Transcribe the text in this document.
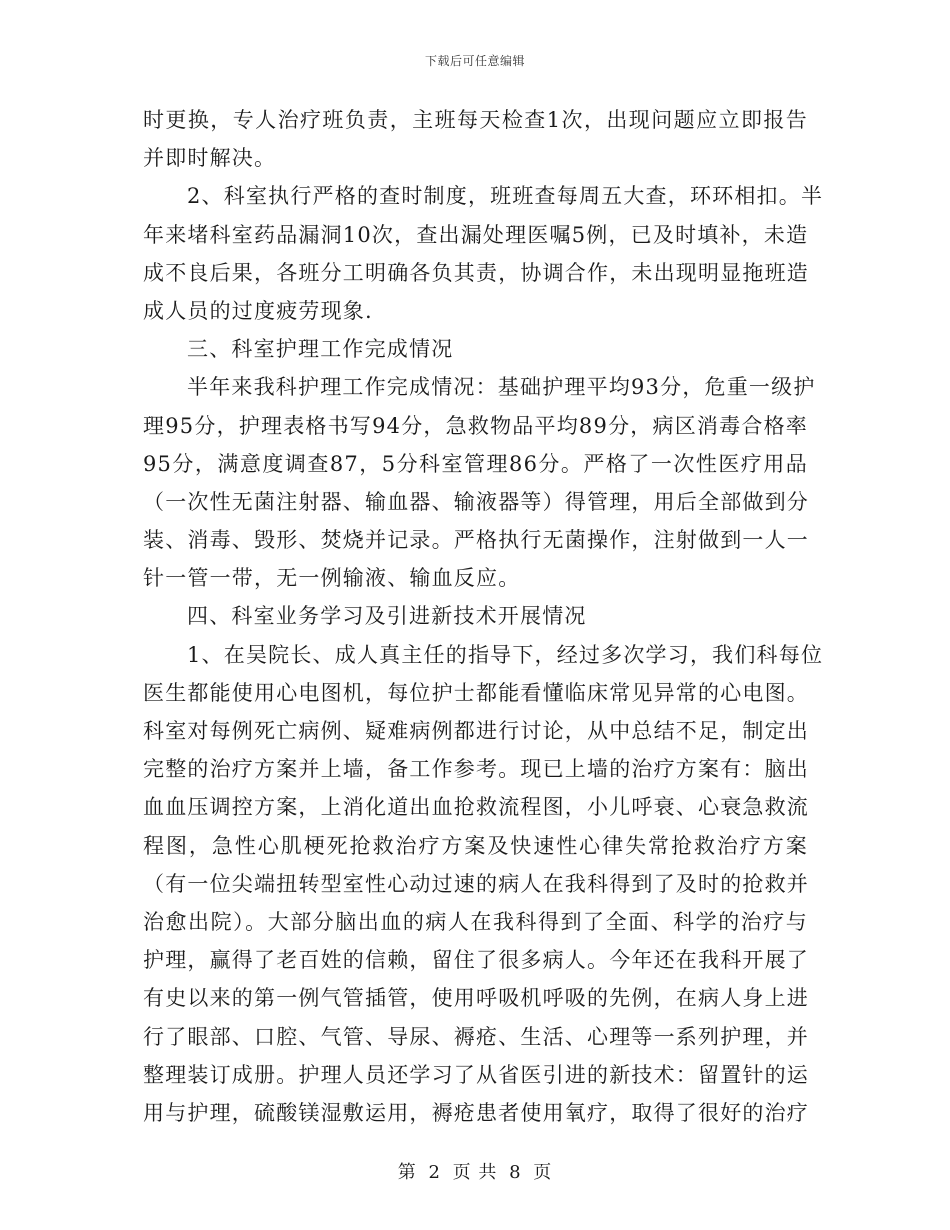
下载后可任意编辑
时更换，专人治疗班负责，主班每天检查1次，出现问题应立即报告
并即时解决。
2、科室执行严格的查时制度，班班查每周五大查，环环相扣。半
年来堵科室药品漏洞10次，查出漏处理医嘱5例，已及时填补，未造
成不良后果，各班分工明确各负其责，协调合作，未出现明显拖班造
成人员的过度疲劳现象.
三、科室护理工作完成情况
半年来我科护理工作完成情况：基础护理平均93分，危重一级护
理95分，护理表格书写94分，急救物品平均89分，病区消毒合格率
95分，满意度调查87，5分科室管理86分。严格了一次性医疗用品
（一次性无菌注射器、输血器、输液器等）得管理，用后全部做到分
装、消毒、毁形、焚烧并记录。严格执行无菌操作，注射做到一人一
针一管一带，无一例输液、输血反应。
四、科室业务学习及引进新技术开展情况
1、在吴院长、成人真主任的指导下，经过多次学习，我们科每位
医生都能使用心电图机，每位护士都能看懂临床常见异常的心电图。
科室对每例死亡病例、疑难病例都进行讨论，从中总结不足，制定出
完整的治疗方案并上墙，备工作参考。现已上墙的治疗方案有：脑出
血血压调控方案，上消化道出血抢救流程图，小儿呼衰、心衰急救流
程图，急性心肌梗死抢救治疗方案及快速性心律失常抢救治疗方案
（有一位尖端扭转型室性心动过速的病人在我科得到了及时的抢救并
治愈出院）。大部分脑出血的病人在我科得到了全面、科学的治疗与
护理，赢得了老百姓的信赖，留住了很多病人。今年还在我科开展了
有史以来的第一例气管插管，使用呼吸机呼吸的先例，在病人身上进
行了眼部、口腔、气管、导尿、褥疮、生活、心理等一系列护理，并
整理装订成册。护理人员还学习了从省医引进的新技术：留置针的运
用与护理，硫酸镁湿敷运用，褥疮患者使用氧疗，取得了很好的治疗
第 2 页 共 8 页
